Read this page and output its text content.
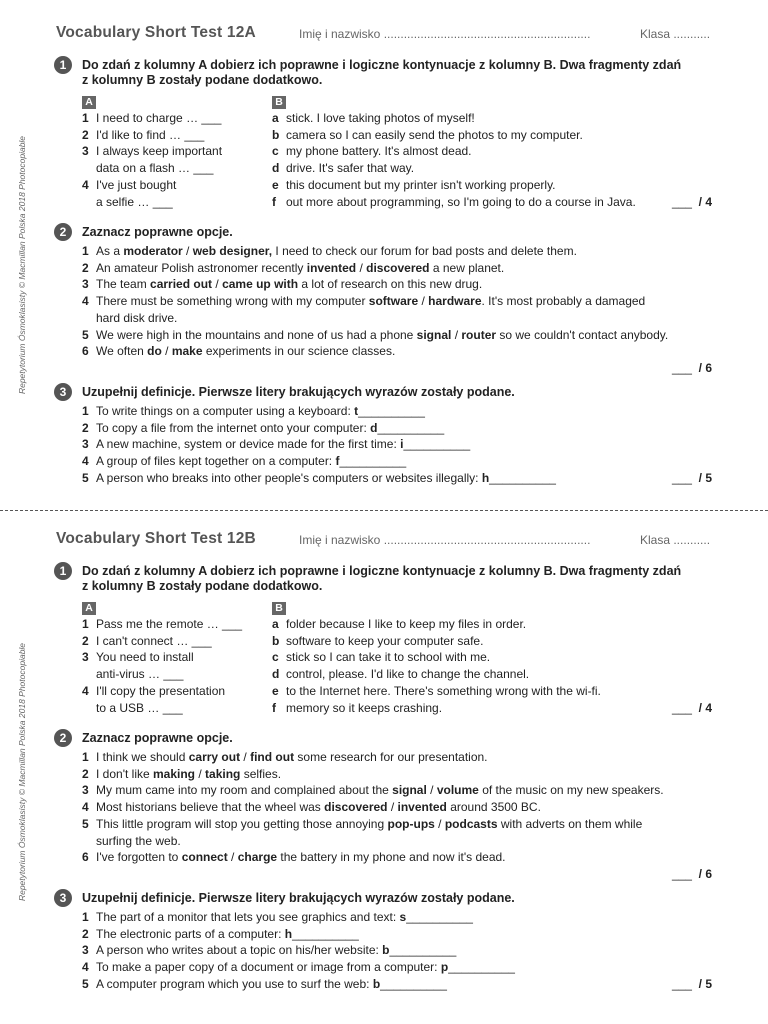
Repetytorium Ósmoklasisty © Macmillan Polska 2018 Photocopiable
Repetytorium Ósmoklasisty © Macmillan Polska 2018 Photocopiable
Vocabulary Short Test 12A	Imię i nazwisko ..............................................................	Klasa ...........
1	Do zdań z kolumny A dobierz ich poprawne i logiczne kontynuacje z kolumny B. Dwa fragmenty zdań
z kolumny B zostały podane dodatkowo.
A
1 I need to charge … ___
2 I'd like to find … ___
3 I always keep important
data on a flash … ___
4 I've just bought
a selfie … ___
B
a stick. I love taking photos of myself!
b camera so I can easily send the photos to my computer.
c my phone battery. It's almost dead.
d drive. It's safer that way.
e this document but my printer isn't working properly.
f out more about programming, so I'm going to do a course in Java.	___ / 4
2	Zaznacz poprawne opcje.
1 As a moderator / web designer, I need to check our forum for bad posts and delete them.
2 An amateur Polish astronomer recently invented / discovered a new planet.
3 The team carried out / came up with a lot of research on this new drug.
4 There must be something wrong with my computer software / hardware. It's most probably a damaged
hard disk drive.
5 We were high in the mountains and none of us had a phone signal / router so we couldn't contact anybody.
6 We often do / make experiments in our science classes.
___ / 6
3	Uzupełnij definicje. Pierwsze litery brakujących wyrazów zostały podane.
1 To write things on a computer using a keyboard: t__________
2 To copy a file from the internet onto your computer: d__________
3 A new machine, system or device made for the first time: i__________
4 A group of files kept together on a computer: f__________
5 A person who breaks into other people's computers or websites illegally: h__________	___ / 5
Vocabulary Short Test 12B	Imię i nazwisko ..............................................................	Klasa ...........
1	Do zdań z kolumny A dobierz ich poprawne i logiczne kontynuacje z kolumny B. Dwa fragmenty zdań
z kolumny B zostały podane dodatkowo.
A
1 Pass me the remote … ___
2 I can't connect … ___
3 You need to install
anti-virus … ___
4 I'll copy the presentation
to a USB … ___
B
a folder because I like to keep my files in order.
b software to keep your computer safe.
c stick so I can take it to school with me.
d control, please. I'd like to change the channel.
e to the Internet here. There's something wrong with the wi-fi.
f memory so it keeps crashing.	___ / 4
2	Zaznacz poprawne opcje.
1 I think we should carry out / find out some research for our presentation.
2 I don't like making / taking selfies.
3 My mum came into my room and complained about the signal / volume of the music on my new speakers.
4 Most historians believe that the wheel was discovered / invented around 3500 BC.
5 This little program will stop you getting those annoying pop-ups / podcasts with adverts on them while
surfing the web.
6 I've forgotten to connect / charge the battery in my phone and now it's dead.
___ / 6
3	Uzupełnij definicje. Pierwsze litery brakujących wyrazów zostały podane.
1 The part of a monitor that lets you see graphics and text: s__________
2 The electronic parts of a computer: h__________
3 A person who writes about a topic on his/her website: b__________
4 To make a paper copy of a document or image from a computer: p__________
5 A computer program which you use to surf the web: b__________	___ / 5
